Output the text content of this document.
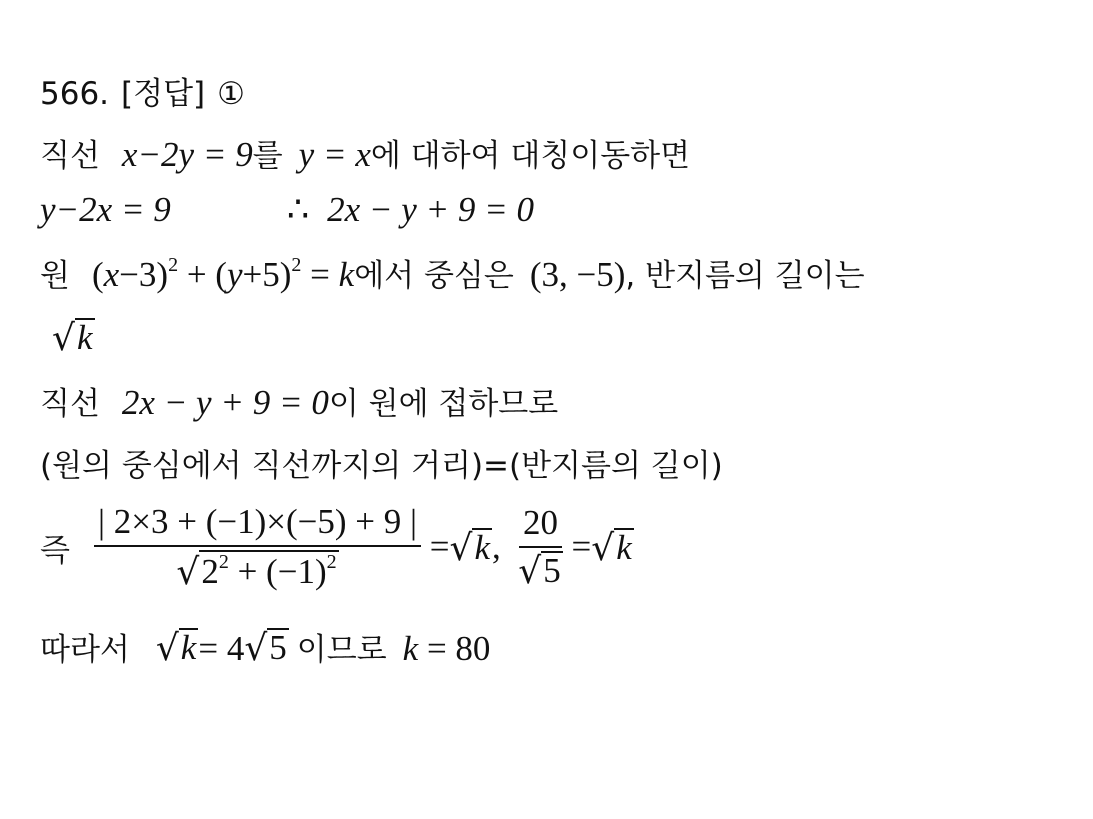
566. [정답] ①
직선 x−2y = 9 를 y = x 에 대하여 대칭이동하면
y−2x = 9	∴ 2x − y + 9 = 0
원 $(x-3)^2 + (y+5)^2 = k$ 에서 중심은 (3, −5) , 반지름의 길이는
√ k
직선 2x − y + 9 = 0 이 원에 접하므로
(원의 중심에서 직선까지의 거리)=(반지름의 길이)
즉 $\frac{| 2\times 3 + (-1)\times(-5) + 9 |}{√ 2^2 + (-1)^2}$ = √ k , $\frac{20}{√ 5}$ = √ k
따라서 √ k = 4 √ 5 이므로 k = 80
